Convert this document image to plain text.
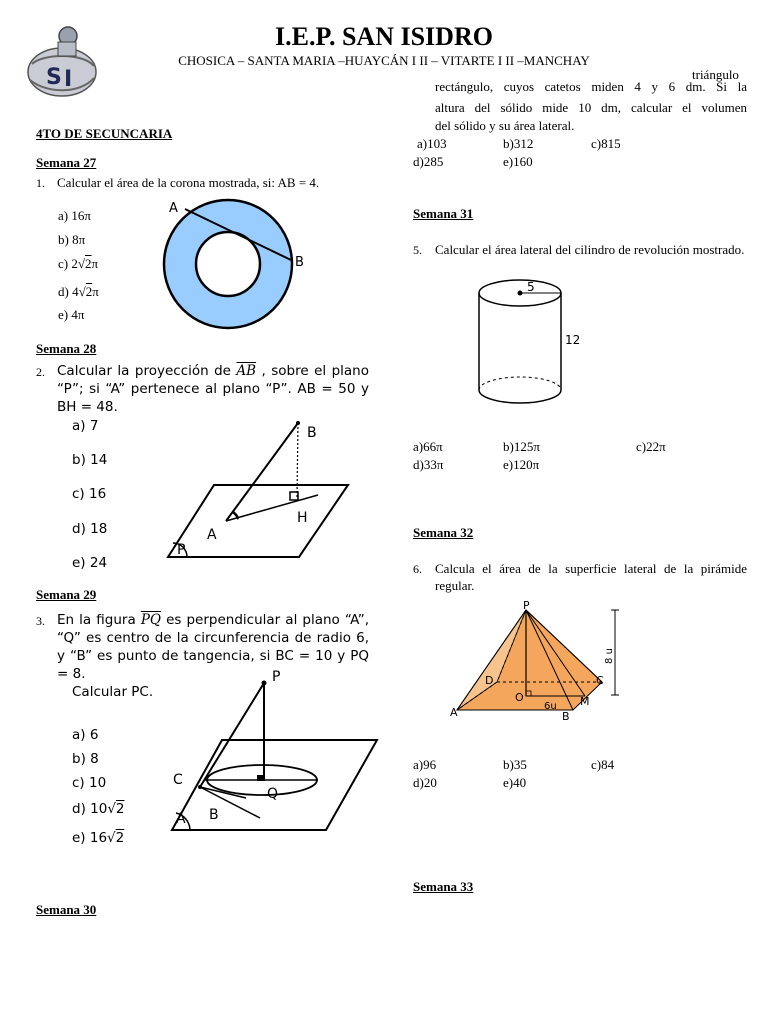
S I
I.E.P. SAN ISIDRO
CHOSICA – SANTA MARIA –HUAYCÁN I II – VITARTE I II –MANCHAY
4TO DE SECUNCARIA
Semana 27
1. Calcular el área de la corona mostrada, si: AB = 4.
a) 16π
b) 8π
c) 2√2π
d) 4√2π
e) 4π
A
B
Semana 28
2. Calcular la proyección de $\overline{AB}$ , sobre el plano “P”; si “A” pertenece al plano “P”. AB = 50 y BH = 48.
a) 7
b) 14
c) 16
d) 18
e) 24
B
H
A
P
Semana 29
3. En la figura $\overline{PQ}$ es perpendicular al plano “A”, “Q” es centro de la circunferencia de radio 6, y “B” es punto de tangencia, si BC = 10 y PQ = 8.
Calcular PC.
a) 6
b) 8
c) 10
d) 10√2
e) 16√2
P
C
Q
A B
Semana 30
triángulo
rectángulo, cuyos catetos miden 4 y 6 dm. Si la
altura del sólido mide 10 dm, calcular el volumen
del sólido y su área lateral.
a)103	b)312	c)815
d)285	e)160
Semana 31
5. Calcular el área lateral del cilindro de revolución mostrado.
5
12
a)66π	b)125π	c)22π
d)33π	e)120π
Semana 32
6. Calcula el área de la superficie lateral de la pirámide regular.
P
D	C
O	M
A	B
6u
8 u
a)96	b)35	c)84
d)20	e)40
Semana 33
